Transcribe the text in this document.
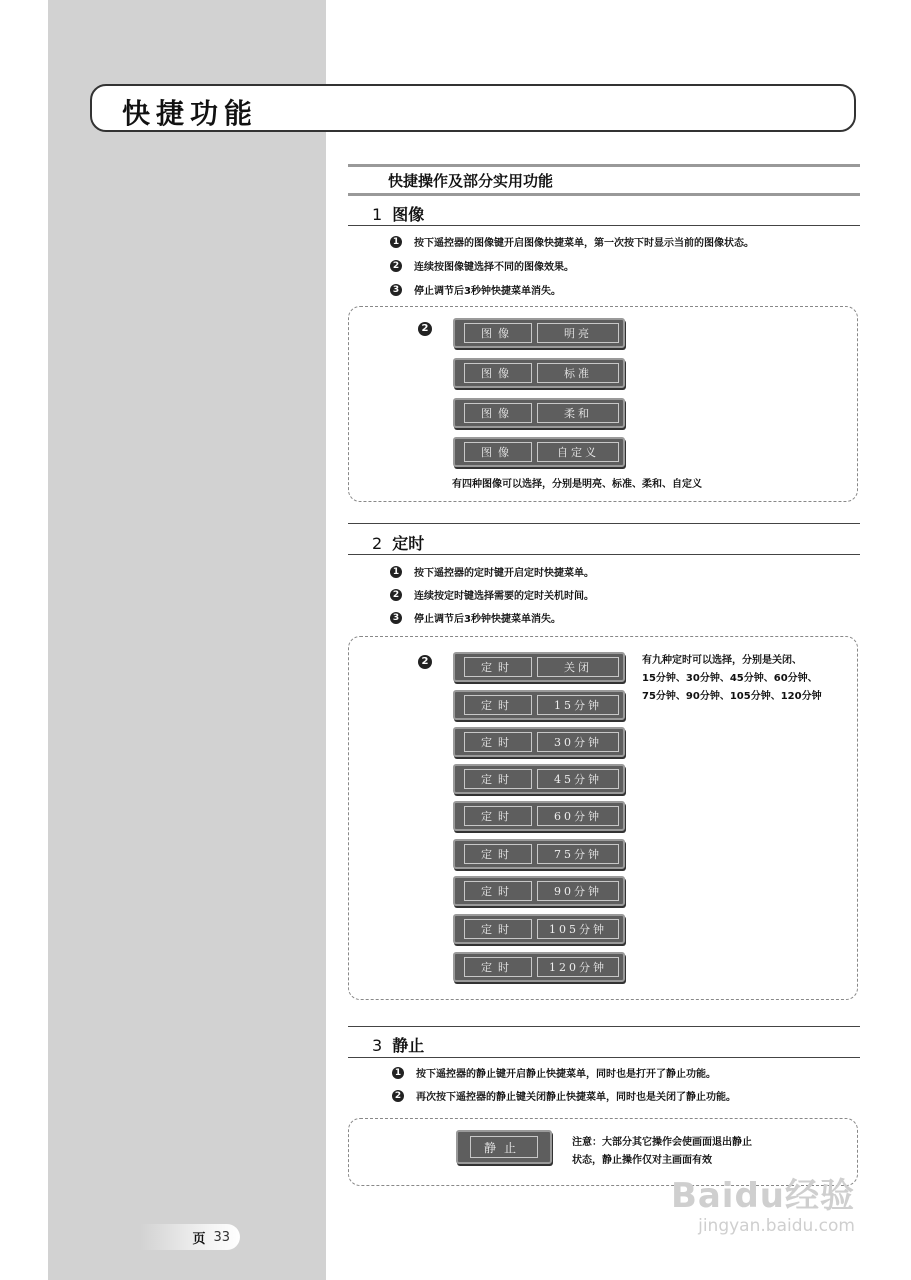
快捷功能
快捷操作及部分实用功能
1 图像
1 按下遥控器的图像键开启图像快捷菜单，第一次按下时显示当前的图像状态。
2 连续按图像键选择不同的图像效果。
3 停止调节后3秒钟快捷菜单消失。
2	图像	明亮
图像	标准
图像	柔和
图像	自定义
有四种图像可以选择，分别是明亮、标准、柔和、自定义
2 定时
1 按下遥控器的定时键开启定时快捷菜单。
2 连续按定时键选择需要的定时关机时间。
3 停止调节后3秒钟快捷菜单消失。
2	定时	关闭
定时	15分钟
定时	30分钟
定时	45分钟
定时	60分钟
定时	75分钟
定时	90分钟
定时	105分钟
定时	120分钟
有九种定时可以选择，分别是关闭、
15分钟、30分钟、45分钟、60分钟、
75分钟、90分钟、105分钟、120分钟
3 静止
1 按下遥控器的静止键开启静止快捷菜单，同时也是打开了静止功能。
2 再次按下遥控器的静止键关闭静止快捷菜单，同时也是关闭了静止功能。
静止	注意：大部分其它操作会使画面退出静止
状态，静止操作仅对主画面有效
Baidu经验
jingyan.baidu.com
页 33
